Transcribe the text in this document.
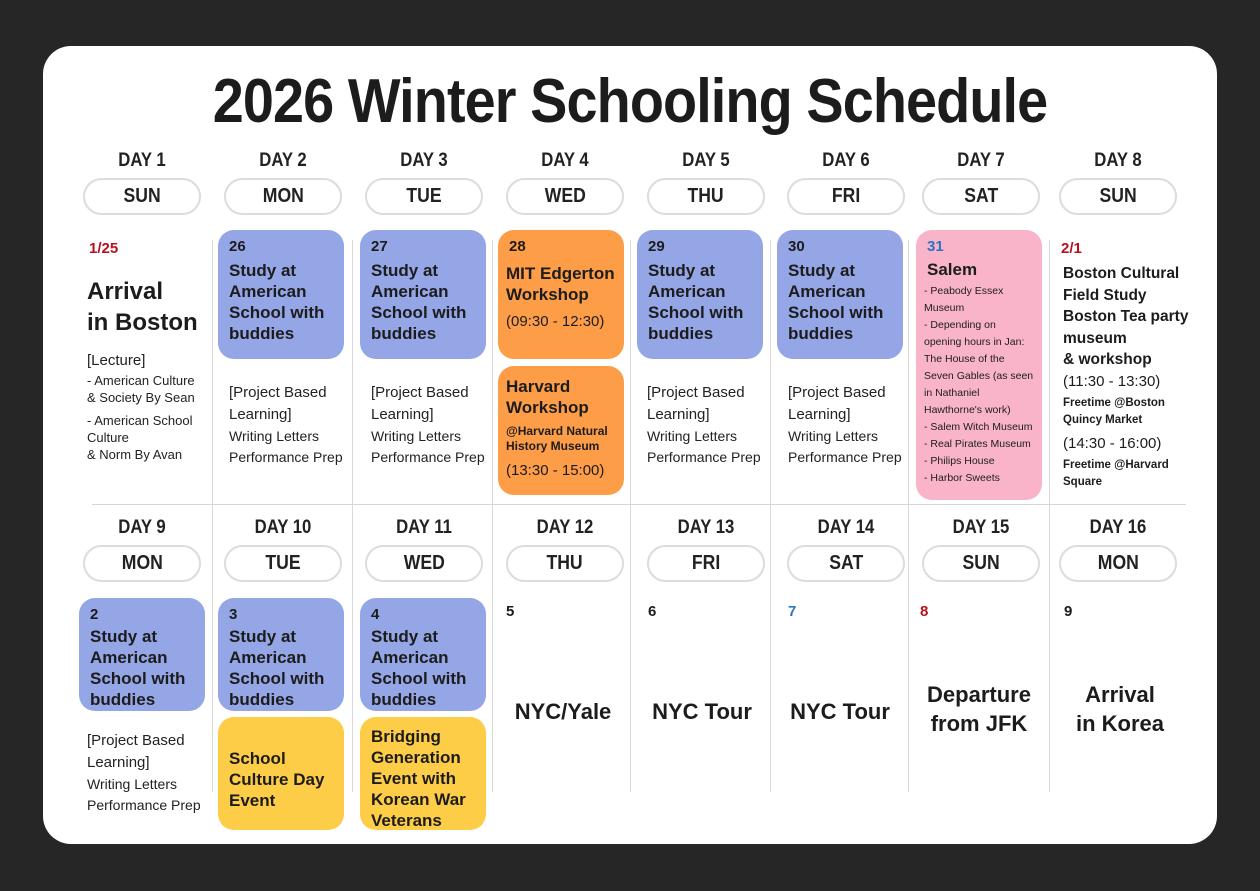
2026 Winter Schooling Schedule
DAY 1
SUN
DAY 2
MON
DAY 3
TUE
DAY 4
WED
DAY 5
THU
DAY 6
FRI
DAY 7
SAT
DAY 8
SUN
DAY 9
MON
DAY 10
TUE
DAY 11
WED
DAY 12
THU
DAY 13
FRI
DAY 14
SAT
DAY 15
SUN
DAY 16
MON
1/25
Arrival
in Boston
[Lecture]
- American Culture
& Society By Sean
- American School
Culture
& Norm By Avan
26
Study at American School with buddies
[Project Based
Learning]
Writing Letters
Performance Prep
27
Study at American School with buddies
[Project Based
Learning]
Writing Letters
Performance Prep
28
MIT Edgerton Workshop
(09:30 - 12:30)
Harvard Workshop
@Harvard Natural History Museum
(13:30 - 15:00)
29
Study at American School with buddies
[Project Based
Learning]
Writing Letters
Performance Prep
30
Study at American School with buddies
[Project Based
Learning]
Writing Letters
Performance Prep
31
Salem
- Peabody Essex Museum
- Depending on opening hours in Jan: The House of the Seven Gables (as seen in Nathaniel Hawthorne's work)
- Salem Witch Museum
- Real Pirates Museum
- Philips House
- Harbor Sweets
2/1
Boston Cultural
Field Study
Boston Tea party
museum
& workshop
(11:30 - 13:30)
Freetime @Boston Quincy Market
(14:30 - 16:00)
Freetime @Harvard Square
2
Study at American School with buddies
[Project Based
Learning]
Writing Letters
Performance Prep
3
Study at American School with buddies
School Culture Day Event
4
Study at American School with buddies
Bridging Generation Event with Korean War Veterans
5
NYC/Yale
6
NYC Tour
7
NYC Tour
8
Departure
from JFK
9
Arrival
in Korea
